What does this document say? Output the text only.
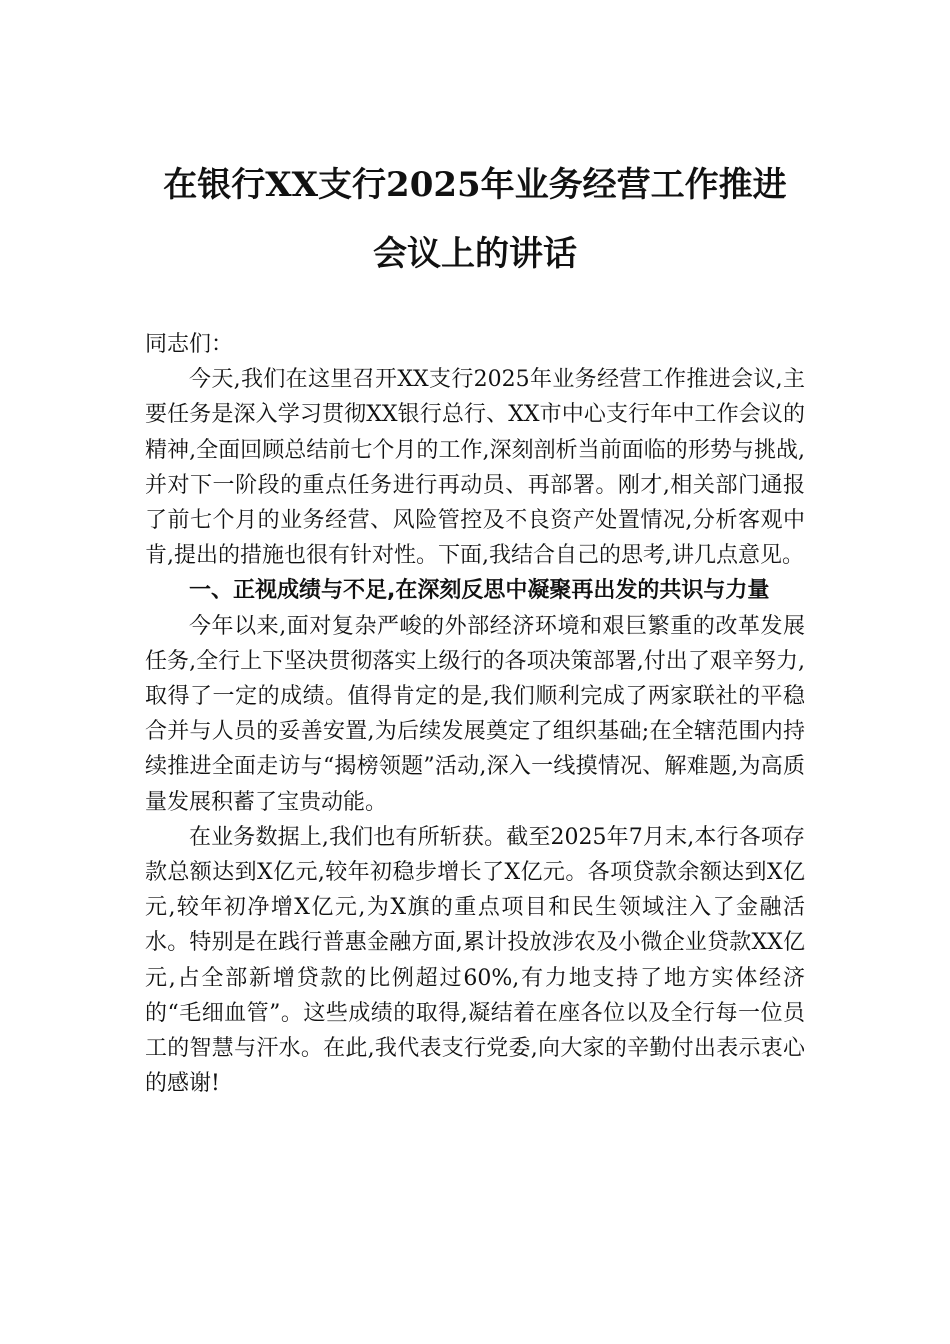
在银行XX支行2025年业务经营工作推进
会议上的讲话

同志们：

今天,我们在这里召开XX支行2025年业务经营工作推进会议,主要任务是深入学习贯彻XX银行总行、XX市中心支行年中工作会议的精神,全面回顾总结前七个月的工作,深刻剖析当前面临的形势与挑战,并对下一阶段的重点任务进行再动员、再部署。刚才,相关部门通报了前七个月的业务经营、风险管控及不良资产处置情况,分析客观中肯,提出的措施也很有针对性。下面,我结合自己的思考,讲几点意见。

一、正视成绩与不足,在深刻反思中凝聚再出发的共识与力量

今年以来,面对复杂严峻的外部经济环境和艰巨繁重的改革发展任务,全行上下坚决贯彻落实上级行的各项决策部署,付出了艰辛努力,取得了一定的成绩。值得肯定的是,我们顺利完成了两家联社的平稳合并与人员的妥善安置,为后续发展奠定了组织基础;在全辖范围内持续推进全面走访与“揭榜领题”活动,深入一线摸情况、解难题,为高质量发展积蓄了宝贵动能。

在业务数据上,我们也有所斩获。截至2025年7月末,本行各项存款总额达到X亿元,较年初稳步增长了X亿元。各项贷款余额达到X亿元,较年初净增X亿元,为X旗的重点项目和民生领域注入了金融活水。特别是在践行普惠金融方面,累计投放涉农及小微企业贷款XX亿元,占全部新增贷款的比例超过60%,有力地支持了地方实体经济的“毛细血管”。这些成绩的取得,凝结着在座各位以及全行每一位员工的智慧与汗水。在此,我代表支行党委,向大家的辛勤付出表示衷心的感谢!
